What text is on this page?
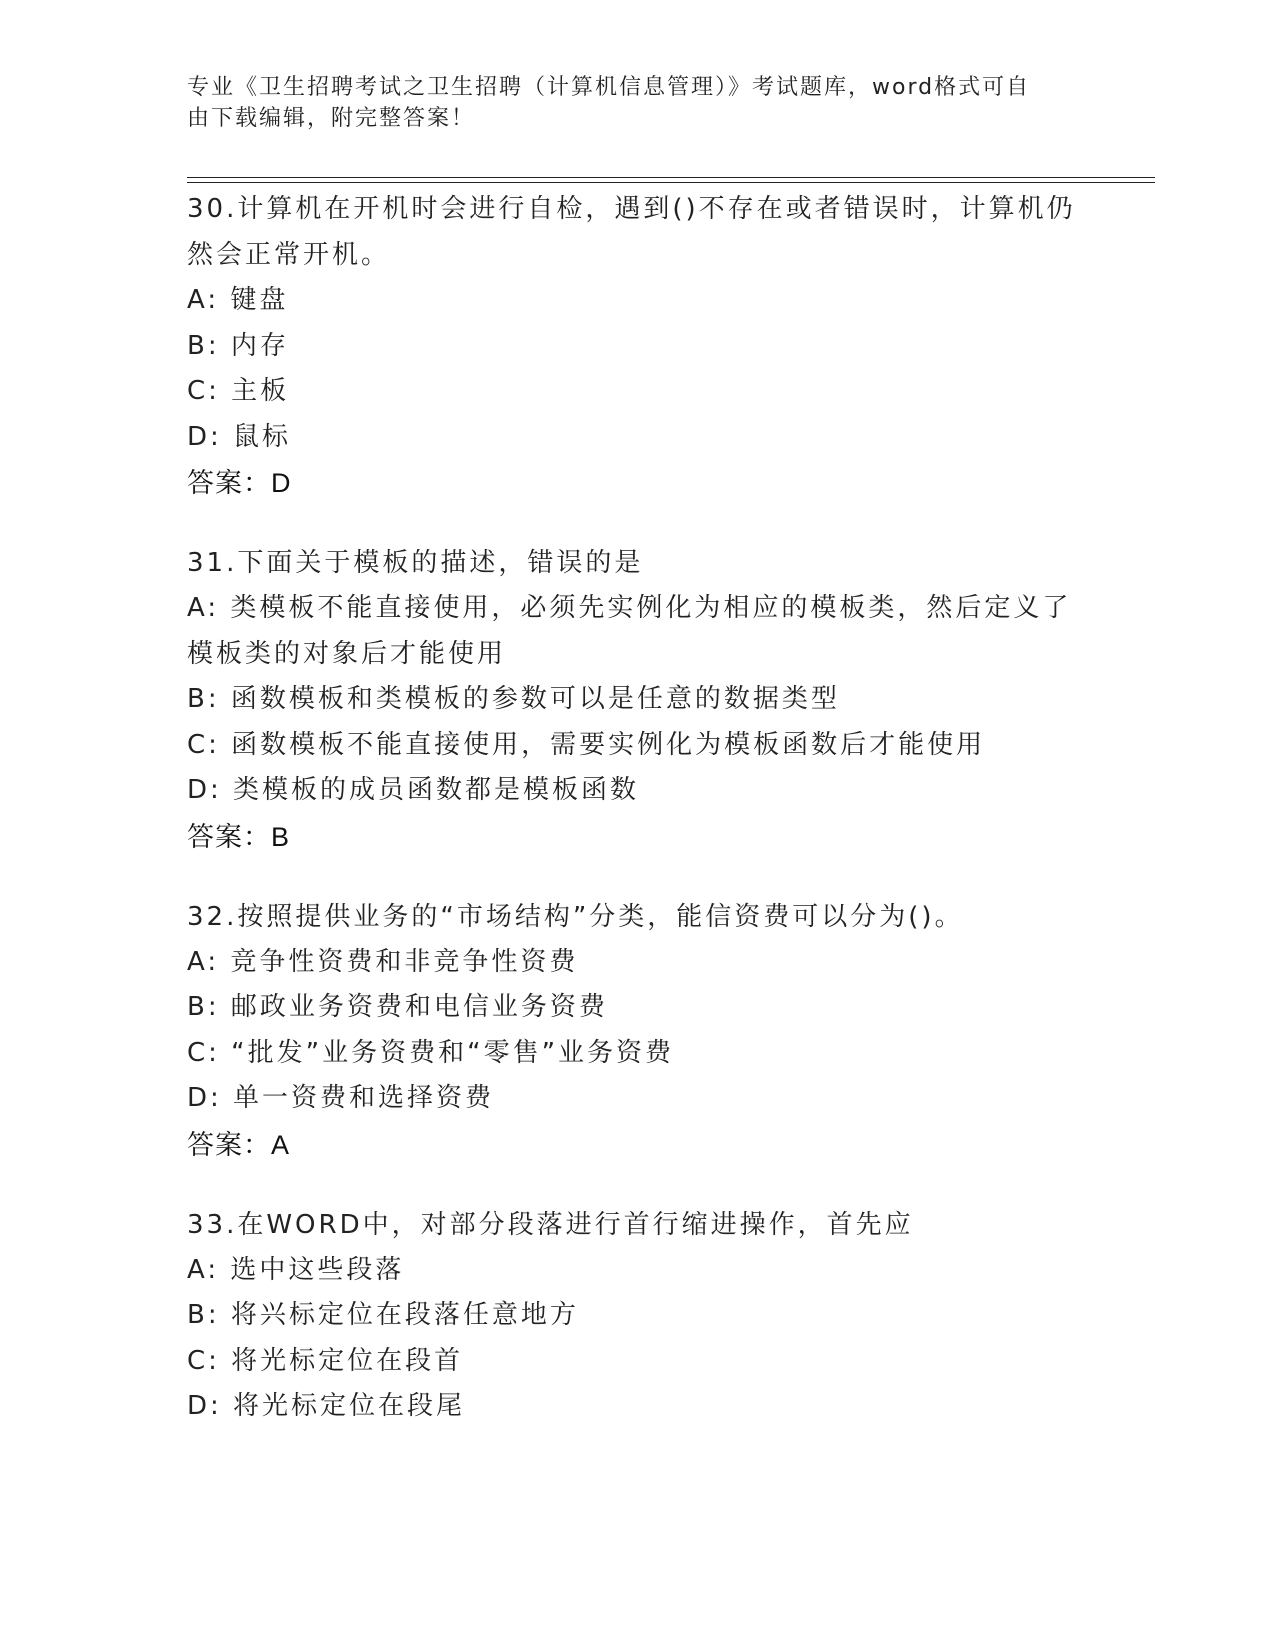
专业《卫生招聘考试之卫生招聘（计算机信息管理）》考试题库，word格式可自
由下载编辑，附完整答案！
30.计算机在开机时会进行自检，遇到()不存在或者错误时，计算机仍
然会正常开机。
A: 键盘
B: 内存
C: 主板
D: 鼠标
答案：D
31.下面关于模板的描述，错误的是
A: 类模板不能直接使用，必须先实例化为相应的模板类，然后定义了
模板类的对象后才能使用
B: 函数模板和类模板的参数可以是任意的数据类型
C: 函数模板不能直接使用，需要实例化为模板函数后才能使用
D: 类模板的成员函数都是模板函数
答案：B
32.按照提供业务的“市场结构”分类，能信资费可以分为()。
A: 竞争性资费和非竞争性资费
B: 邮政业务资费和电信业务资费
C: “批发”业务资费和“零售”业务资费
D: 单一资费和选择资费
答案：A
33.在WORD中，对部分段落进行首行缩进操作，首先应
A: 选中这些段落
B: 将兴标定位在段落任意地方
C: 将光标定位在段首
D: 将光标定位在段尾
